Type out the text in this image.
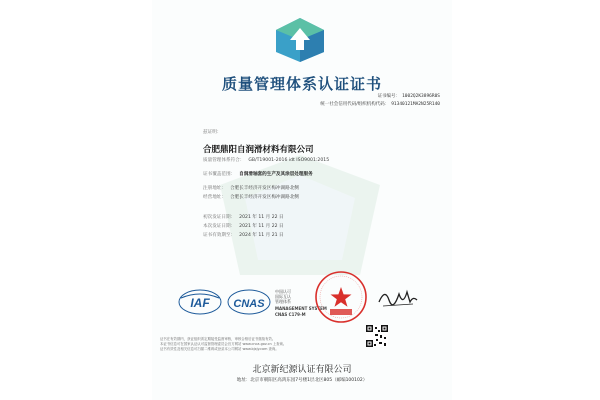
质量管理体系认证证书
证书编号： 1002Q2K3896R0S
统一社会信用代码/组织机构代码： 91340121MA2N25R140
兹证明：
合肥鼎阳自润滑材料有限公司
质量管理体系符合： GB/T19001-2016 idt ISO9001:2015
证书覆盖范围： 自润滑轴套的生产及其涂层处理服务
注册地址： 合肥长丰经济开发区梅冲湖路北侧
经营地址： 合肥长丰经济开发区梅冲湖路北侧
初次发证日期： 2021 年 11 月 22 日
本次发证日期： 2021 年 11 月 22 日
证书有效期至： 2024 年 11 月 21 日
IAF CNAS
中国认可
国际互认
管理体系
MANAGEMENT SYSTEM
CNAS C179-M
证书在有效期内，获证组织须定期接受监督审核，审核合格后证书继续有效。
本证书信息可在国家认证认可监督管理委员会官方网站 www.cnca.gov.cn 上查询。
证书有效性及相关信息可扫描二维码或登录本公司网站 www.bjxjy.com 查询。
北京新纪源认证有限公司
地址：北京市朝阳区高鸿东园7号楼1层北区805（邮编100102）
